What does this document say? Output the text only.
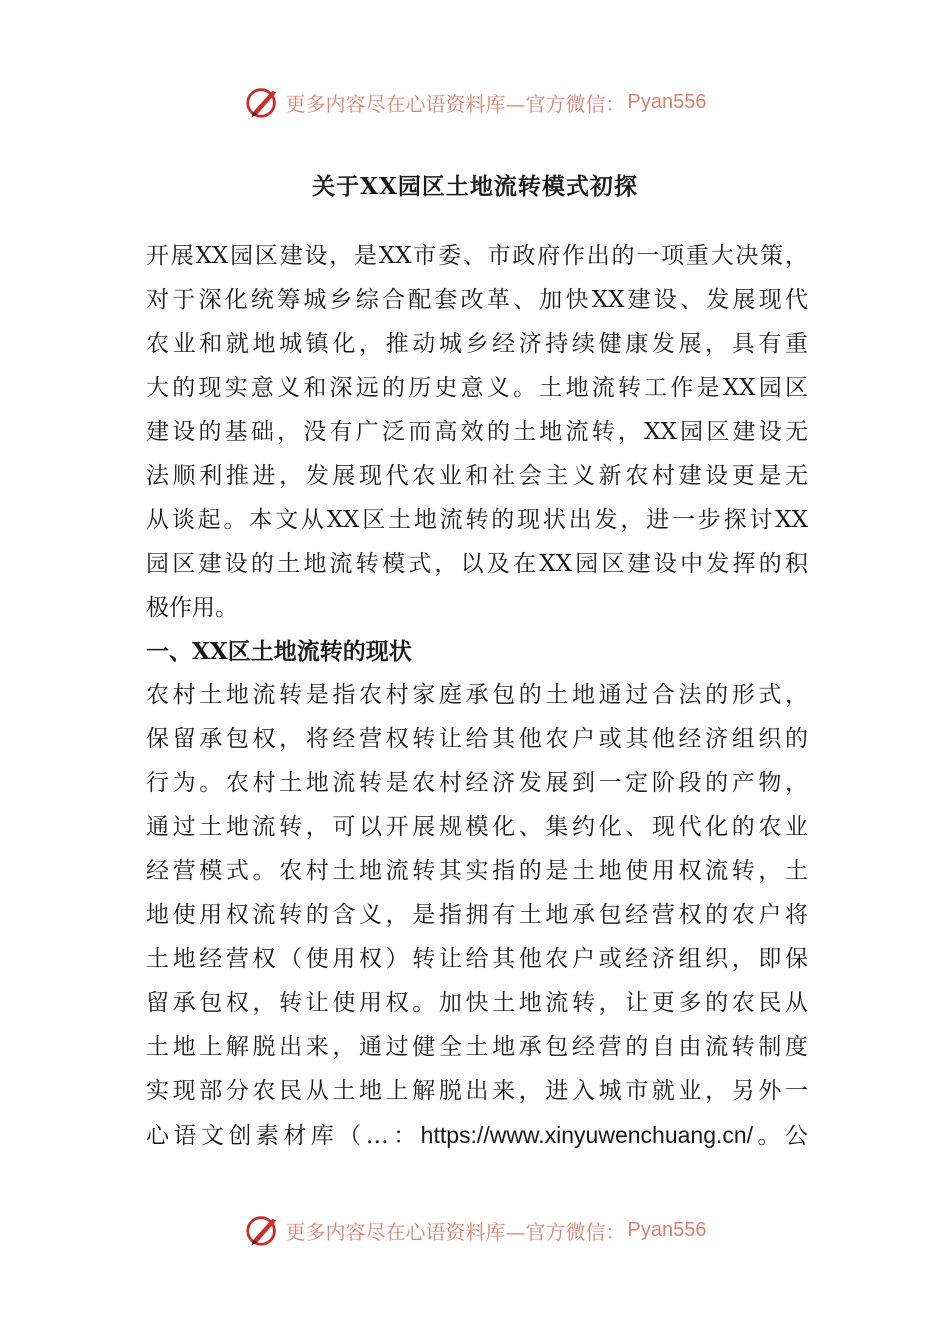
更多内容尽在心语资料库—官方微信： Pyan556
关于XX园区土地流转模式初探
开展XX园区建设，是XX市委、市政府作出的一项重大决策，
对于深化统筹城乡综合配套改革、加快XX建设、发展现代
农业和就地城镇化，推动城乡经济持续健康发展，具有重
大的现实意义和深远的历史意义。土地流转工作是XX园区
建设的基础，没有广泛而高效的土地流转，XX园区建设无
法顺利推进，发展现代农业和社会主义新农村建设更是无
从谈起。本文从XX区土地流转的现状出发，进一步探讨XX
园区建设的土地流转模式，以及在XX园区建设中发挥的积
极作用。
一、XX区土地流转的现状
农村土地流转是指农村家庭承包的土地通过合法的形式，
保留承包权，将经营权转让给其他农户或其他经济组织的
行为。农村土地流转是农村经济发展到一定阶段的产物，
通过土地流转，可以开展规模化、集约化、现代化的农业
经营模式。农村土地流转其实指的是土地使用权流转，土
地使用权流转的含义，是指拥有土地承包经营权的农户将
土地经营权（使用权）转让给其他农户或经济组织，即保
留承包权，转让使用权。加快土地流转，让更多的农民从
土地上解脱出来，通过健全土地承包经营的自由流转制度
实现部分农民从土地上解脱出来，进入城市就业，另外一
心语文创素材库（…：https://www.xinyuwenchuang.cn/。公
更多内容尽在心语资料库—官方微信： Pyan556
